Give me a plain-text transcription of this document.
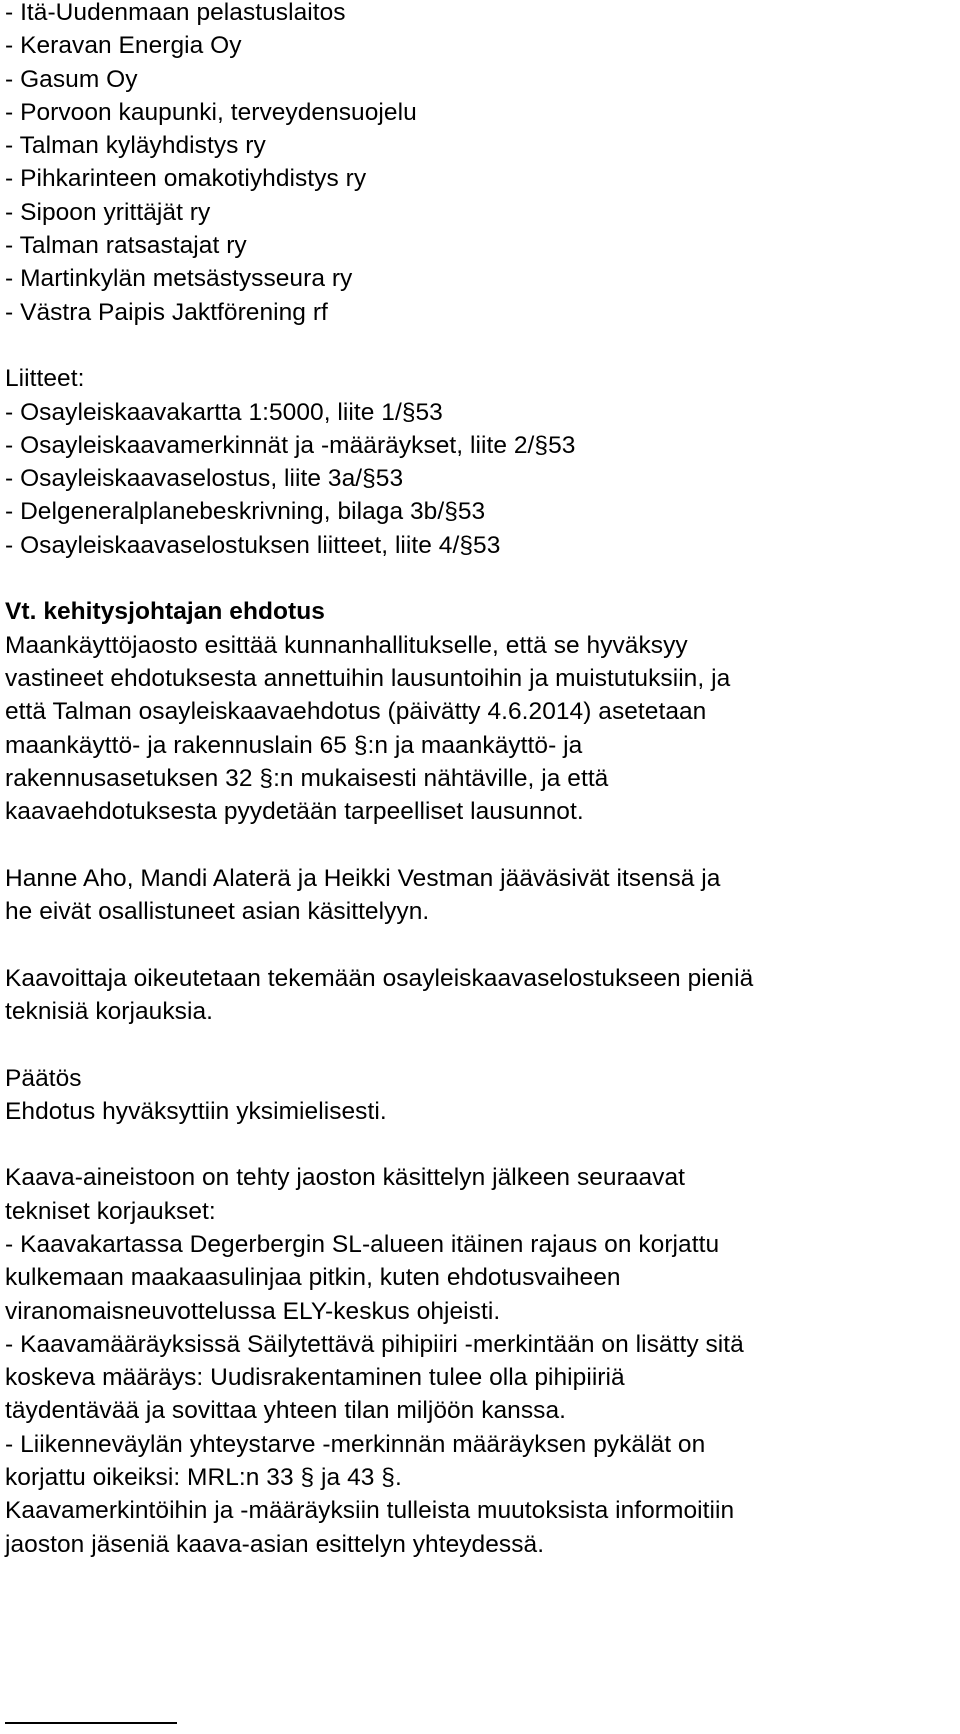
- Itä-Uudenmaan pelastuslaitos
- Keravan Energia Oy
- Gasum Oy
- Porvoon kaupunki, terveydensuojelu
- Talman kyläyhdistys ry
- Pihkarinteen omakotiyhdistys ry
- Sipoon yrittäjät ry
- Talman ratsastajat ry
- Martinkylän metsästysseura ry
- Västra Paipis Jaktförening rf
Liitteet:
- Osayleiskaavakartta 1:5000, liite 1/§53
- Osayleiskaavamerkinnät ja -määräykset, liite 2/§53
- Osayleiskaavaselostus, liite 3a/§53
- Delgeneralplanebeskrivning, bilaga 3b/§53
- Osayleiskaavaselostuksen liitteet, liite 4/§53
Vt. kehitysjohtajan ehdotus
Maankäyttöjaosto esittää kunnanhallitukselle, että se hyväksyy
vastineet ehdotuksesta annettuihin lausuntoihin ja muistutuksiin, ja
että Talman osayleiskaavaehdotus (päivätty 4.6.2014) asetetaan
maankäyttö- ja rakennuslain 65 §:n ja maankäyttö- ja
rakennusasetuksen 32 §:n mukaisesti nähtäville, ja että
kaavaehdotuksesta pyydetään tarpeelliset lausunnot.
Hanne Aho, Mandi Alaterä ja Heikki Vestman jääväsivät itsensä ja
he eivät osallistuneet asian käsittelyyn.
Kaavoittaja oikeutetaan tekemään osayleiskaavaselostukseen pieniä
teknisiä korjauksia.
Päätös
Ehdotus hyväksyttiin yksimielisesti.
Kaava-aineistoon on tehty jaoston käsittelyn jälkeen seuraavat
tekniset korjaukset:
- Kaavakartassa Degerbergin SL-alueen itäinen rajaus on korjattu
kulkemaan maakaasulinjaa pitkin, kuten ehdotusvaiheen
viranomaisneuvottelussa ELY-keskus ohjeisti.
- Kaavamääräyksissä Säilytettävä pihipiiri -merkintään on lisätty sitä
koskeva määräys: Uudisrakentaminen tulee olla pihipiiriä
täydentävää ja sovittaa yhteen tilan miljöön kanssa.
- Liikenneväylän yhteystarve -merkinnän määräyksen pykälät on
korjattu oikeiksi: MRL:n 33 § ja 43 §.
Kaavamerkintöihin ja -määräyksiin tulleista muutoksista informoitiin
jaoston jäseniä kaava-asian esittelyn yhteydessä.
